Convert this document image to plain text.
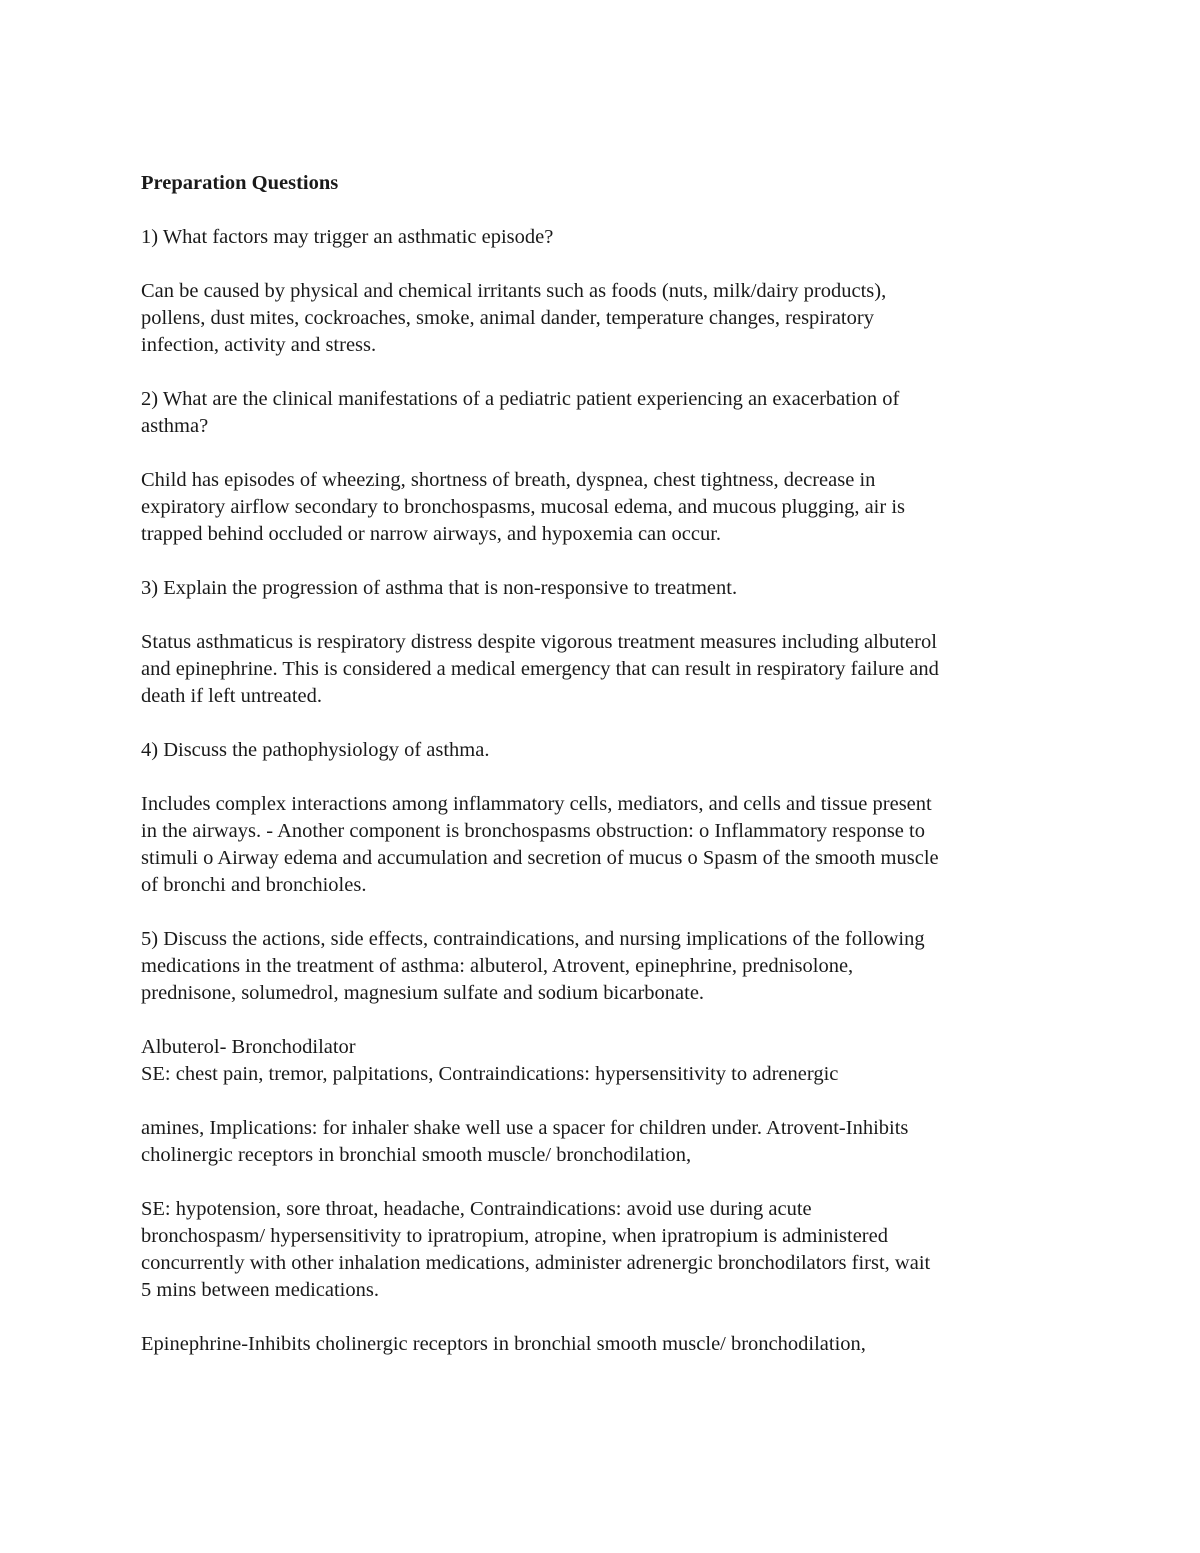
Preparation Questions
1) What factors may trigger an asthmatic episode?
Can be caused by physical and chemical irritants such as foods (nuts, milk/dairy products),
pollens, dust mites, cockroaches, smoke, animal dander, temperature changes, respiratory
infection, activity and stress.
2) What are the clinical manifestations of a pediatric patient experiencing an exacerbation of
asthma?
Child has episodes of wheezing, shortness of breath, dyspnea, chest tightness, decrease in
expiratory airflow secondary to bronchospasms, mucosal edema, and mucous plugging, air is
trapped behind occluded or narrow airways, and hypoxemia can occur.
3) Explain the progression of asthma that is non-responsive to treatment.
Status asthmaticus is respiratory distress despite vigorous treatment measures including albuterol
and epinephrine. This is considered a medical emergency that can result in respiratory failure and
death if left untreated.
4) Discuss the pathophysiology of asthma.
Includes complex interactions among inflammatory cells, mediators, and cells and tissue present
in the airways. - Another component is bronchospasms obstruction: o Inflammatory response to
stimuli o Airway edema and accumulation and secretion of mucus o Spasm of the smooth muscle
of bronchi and bronchioles.
5) Discuss the actions, side effects, contraindications, and nursing implications of the following
medications in the treatment of asthma: albuterol, Atrovent, epinephrine, prednisolone,
prednisone, solumedrol, magnesium sulfate and sodium bicarbonate.
Albuterol- Bronchodilator
SE: chest pain, tremor, palpitations, Contraindications: hypersensitivity to adrenergic
amines, Implications: for inhaler shake well use a spacer for children under. Atrovent-Inhibits
cholinergic receptors in bronchial smooth muscle/ bronchodilation,
SE: hypotension, sore throat, headache, Contraindications: avoid use during acute
bronchospasm/ hypersensitivity to ipratropium, atropine, when ipratropium is administered
concurrently with other inhalation medications, administer adrenergic bronchodilators first, wait
5 mins between medications.
Epinephrine-Inhibits cholinergic receptors in bronchial smooth muscle/ bronchodilation,
